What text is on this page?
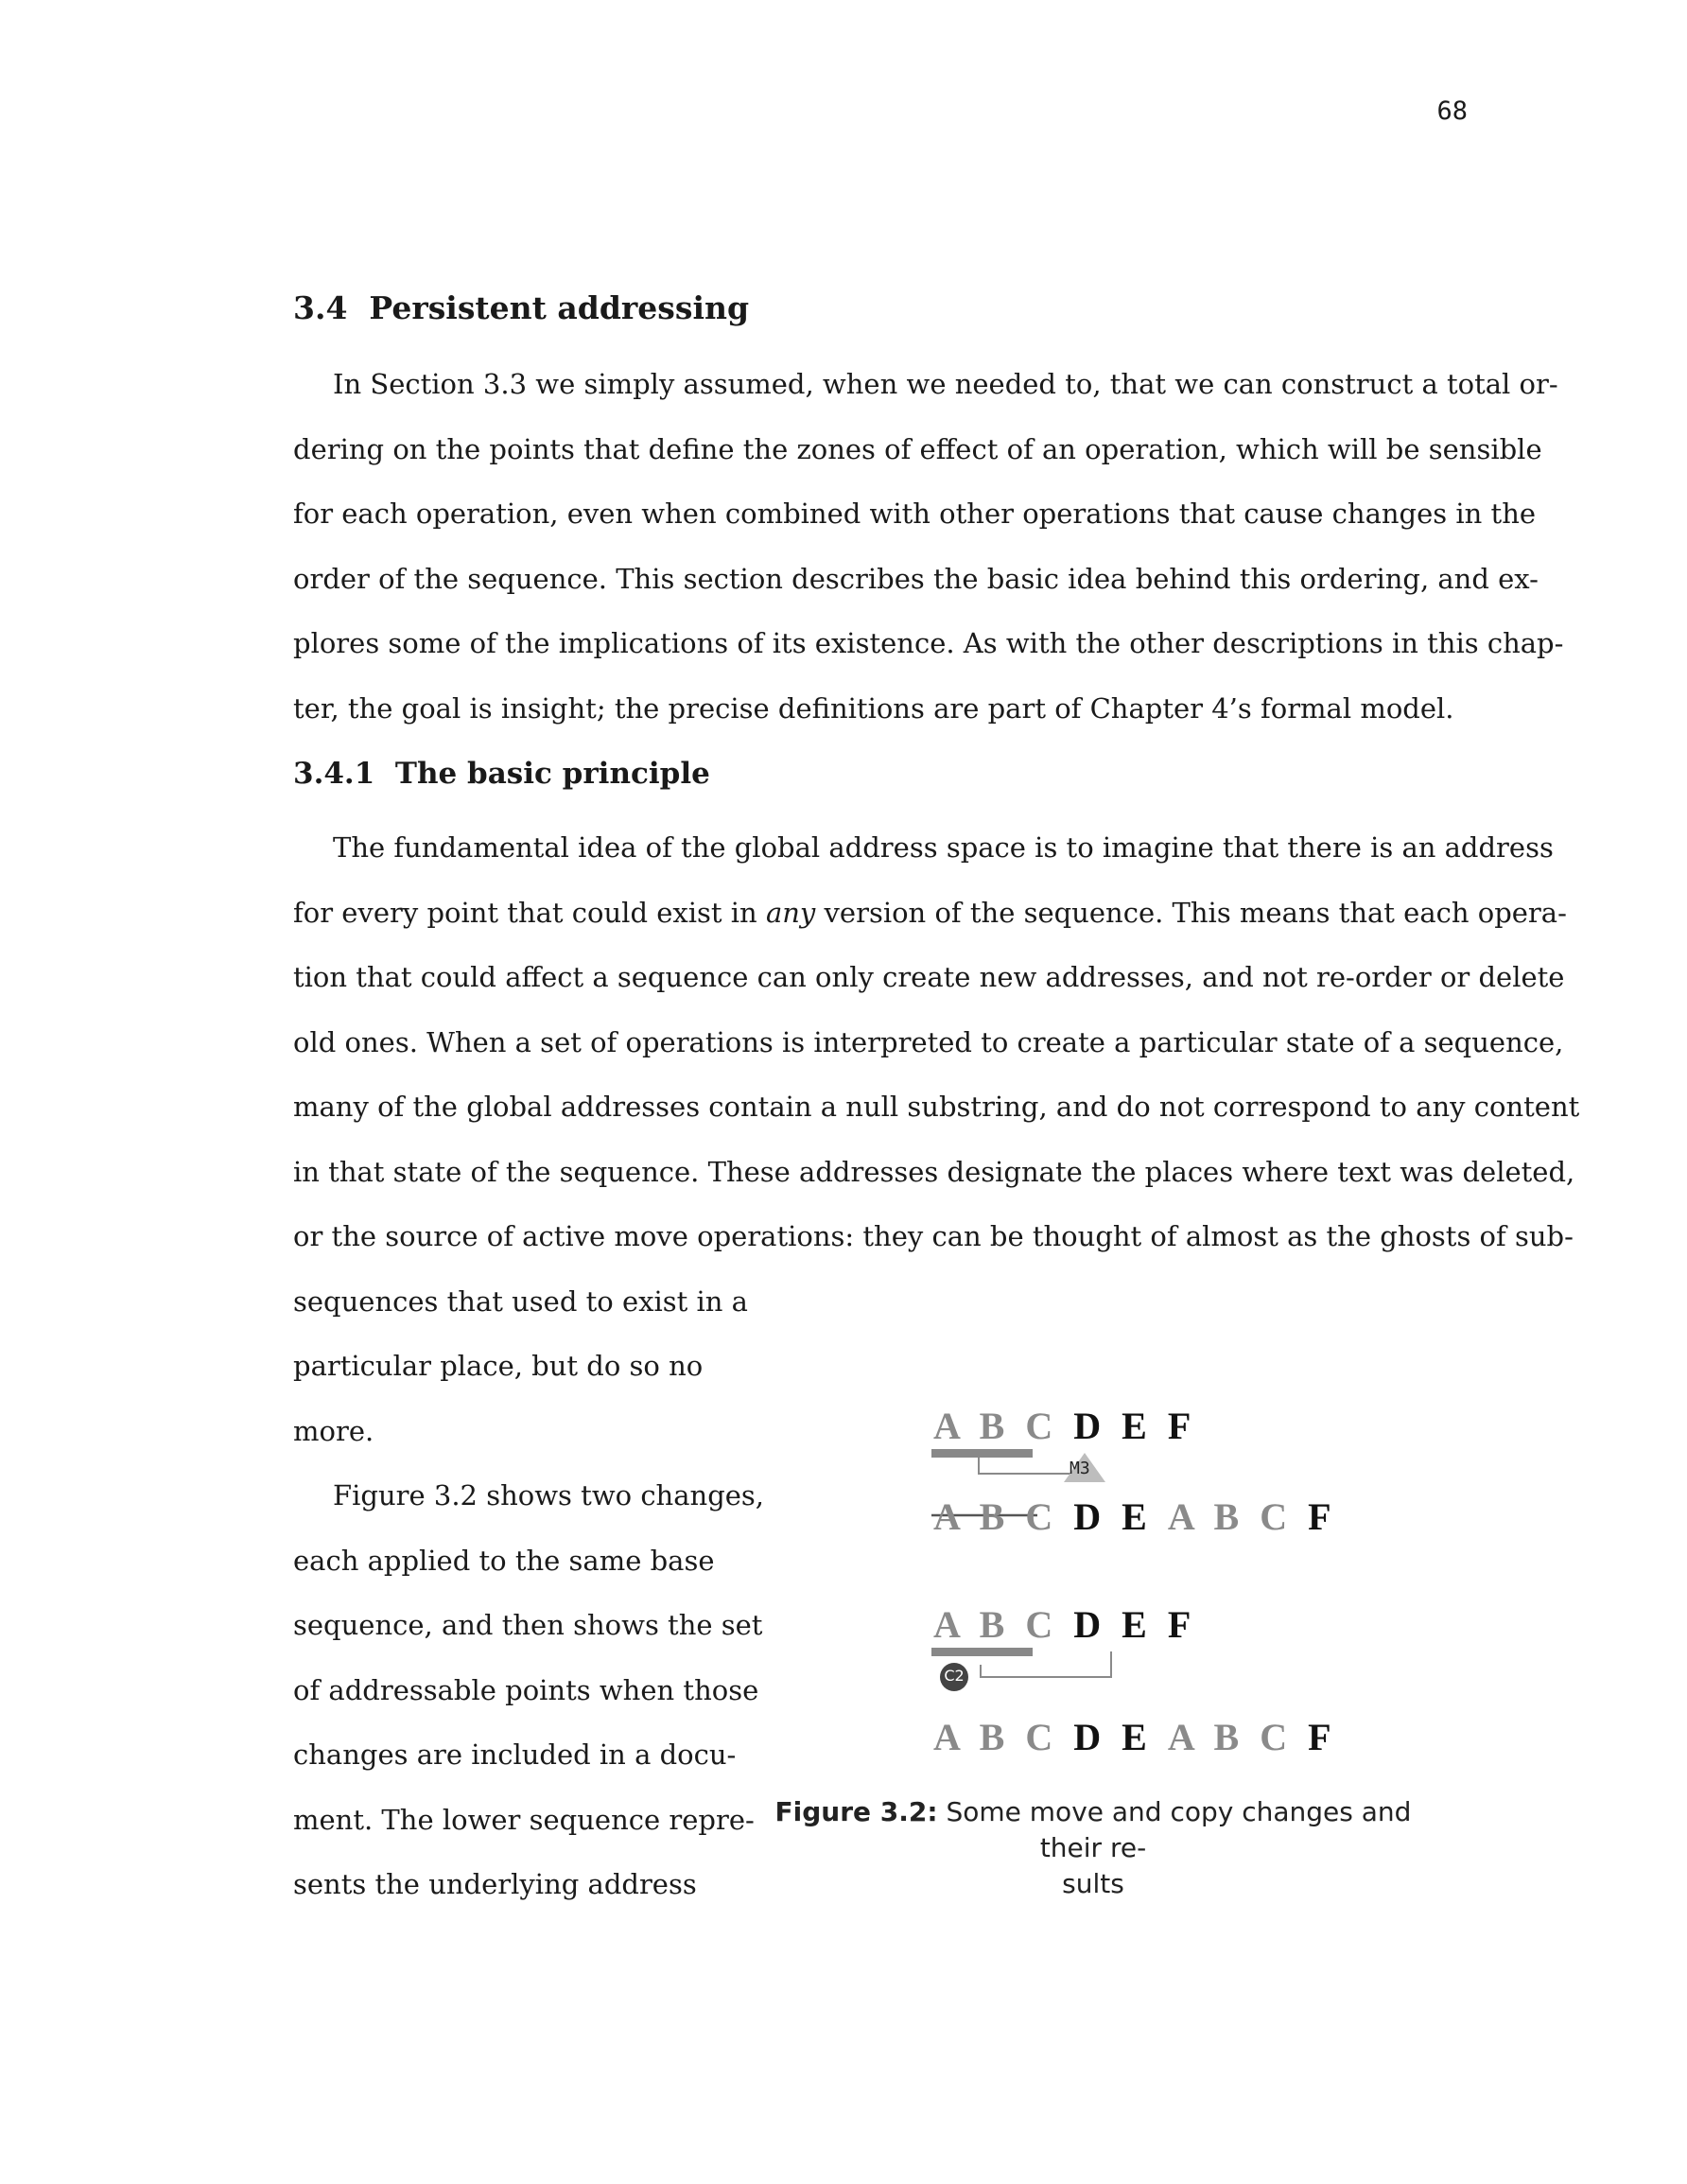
68
3.4 Persistent addressing
In Section 3.3 we simply assumed, when we needed to, that we can construct a total or-
dering on the points that define the zones of effect of an operation, which will be sensible
for each operation, even when combined with other operations that cause changes in the
order of the sequence. This section describes the basic idea behind this ordering, and ex-
plores some of the implications of its existence. As with the other descriptions in this chap-
ter, the goal is insight; the precise definitions are part of Chapter 4’s formal model.
3.4.1 The basic principle
The fundamental idea of the global address space is to imagine that there is an address
for every point that could exist in any version of the sequence. This means that each opera-
tion that could affect a sequence can only create new addresses, and not re-order or delete
old ones. When a set of operations is interpreted to create a particular state of a sequence,
many of the global addresses contain a null substring, and do not correspond to any content
in that state of the sequence. These addresses designate the places where text was deleted,
or the source of active move operations: they can be thought of almost as the ghosts of sub-
sequences that used to exist in a
particular place, but do so no
more.
Figure 3.2 shows two changes,
each applied to the same base
sequence, and then shows the set
of addressable points when those
changes are included in a docu-
ment. The lower sequence repre-
sents the underlying address
A B C D E F
M3
A B C D E A B C F
A B C D E F
C2
A B C D E A B C F
Figure 3.2: Some move and copy changes and their re-
sults
